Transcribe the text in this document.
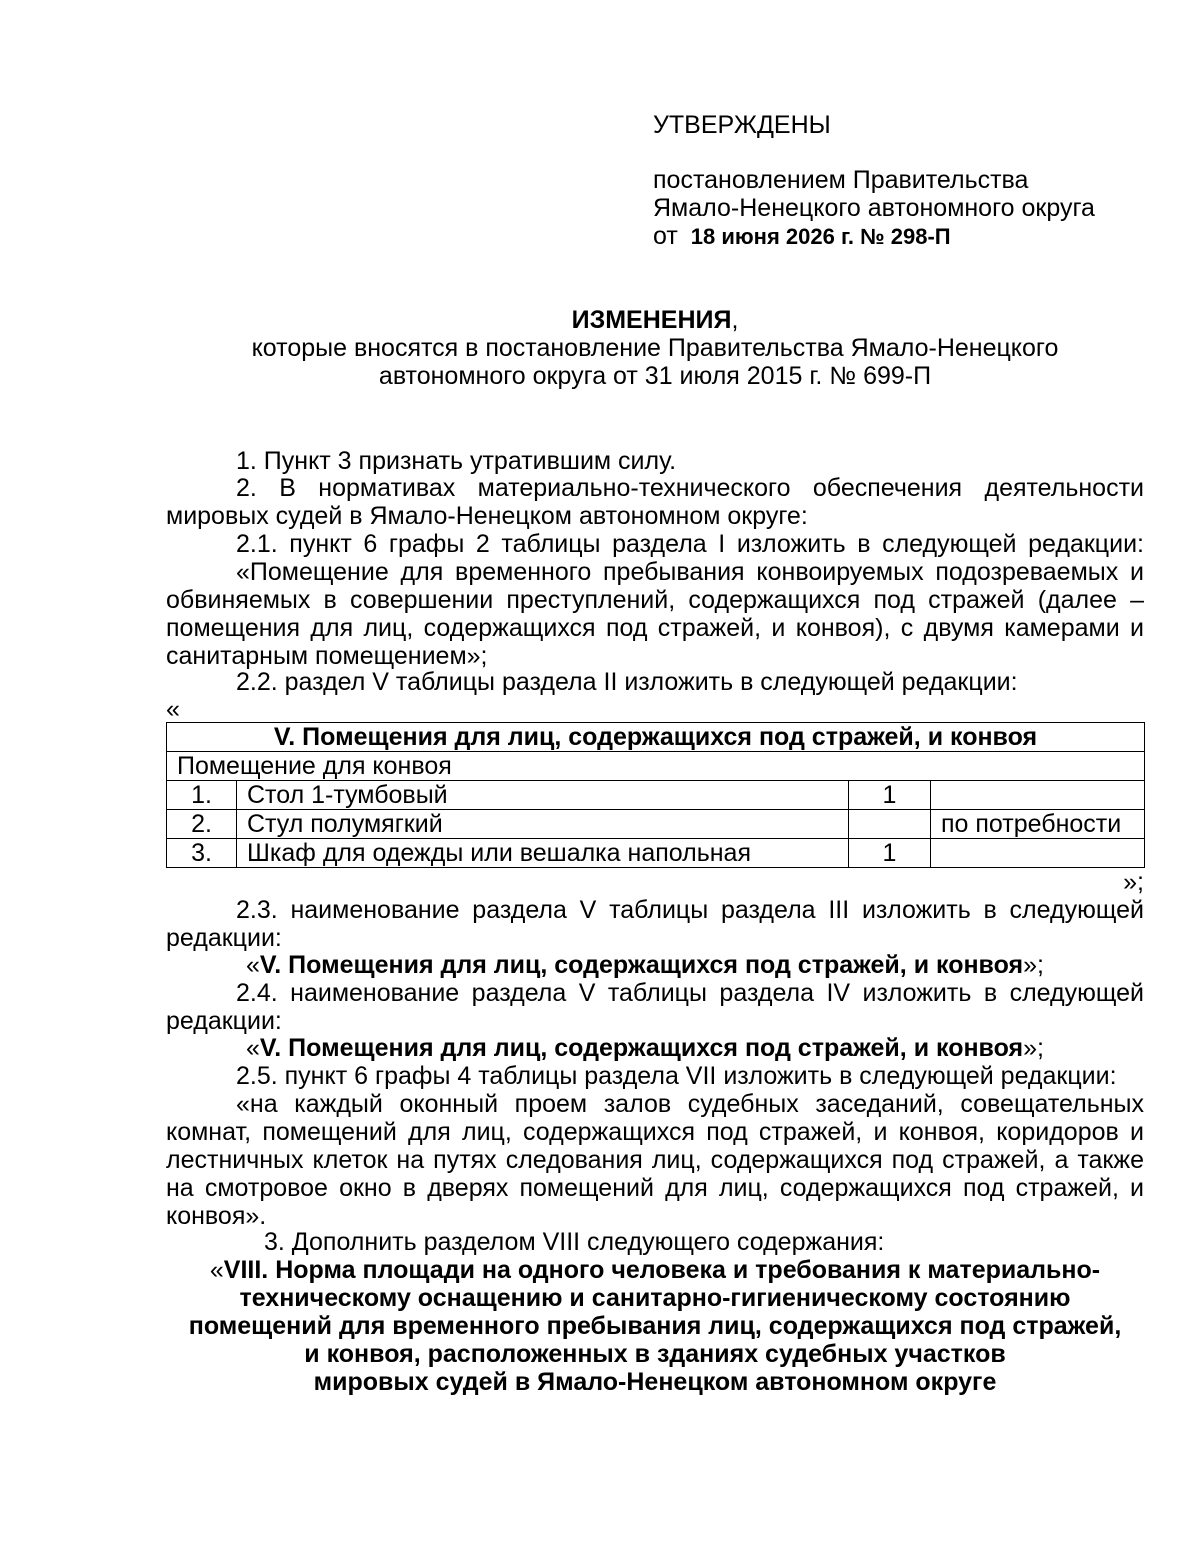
УТВЕРЖДЕНЫ
постановлением Правительства
Ямало-Ненецкого автономного округа
от 18 июня 2026 г. № 298-П
ИЗМЕНЕНИЯ,
которые вносятся в постановление Правительства Ямало-Ненецкого
автономного округа от 31 июля 2015 г. № 699-П
1. Пункт 3 признать утратившим силу.
2. В нормативах материально-технического обеспечения деятельности
мировых судей в Ямало-Ненецком автономном округе:
2.1. пункт 6 графы 2 таблицы раздела I изложить в следующей редакции:
«Помещение для временного пребывания конвоируемых подозреваемых и
обвиняемых в совершении преступлений, содержащихся под стражей (далее –
помещения для лиц, содержащихся под стражей, и конвоя), с двумя камерами и
санитарным помещением»;
2.2. раздел V таблицы раздела II изложить в следующей редакции:
«
V. Помещения для лиц, содержащихся под стражей, и конвоя			
Помещение для конвоя			
1.	Стол 1-тумбовый	1	
2.	Стул полумягкий		по потребности
3.	Шкаф для одежды или вешалка напольная	1	
»;
2.3. наименование раздела V таблицы раздела III изложить в следующей
редакции:
«V. Помещения для лиц, содержащихся под стражей, и конвоя»;
2.4. наименование раздела V таблицы раздела IV изложить в следующей
редакции:
«V. Помещения для лиц, содержащихся под стражей, и конвоя»;
2.5. пункт 6 графы 4 таблицы раздела VII изложить в следующей редакции:
«на каждый оконный проем залов судебных заседаний, совещательных
комнат, помещений для лиц, содержащихся под стражей, и конвоя, коридоров и
лестничных клеток на путях следования лиц, содержащихся под стражей, а также
на смотровое окно в дверях помещений для лиц, содержащихся под стражей, и
конвоя».
3. Дополнить разделом VIII следующего содержания:
«VIII. Норма площади на одного человека и требования к материально-
техническому оснащению и санитарно-гигиеническому состоянию
помещений для временного пребывания лиц, содержащихся под стражей,
и конвоя, расположенных в зданиях судебных участков
мировых судей в Ямало-Ненецком автономном округе
